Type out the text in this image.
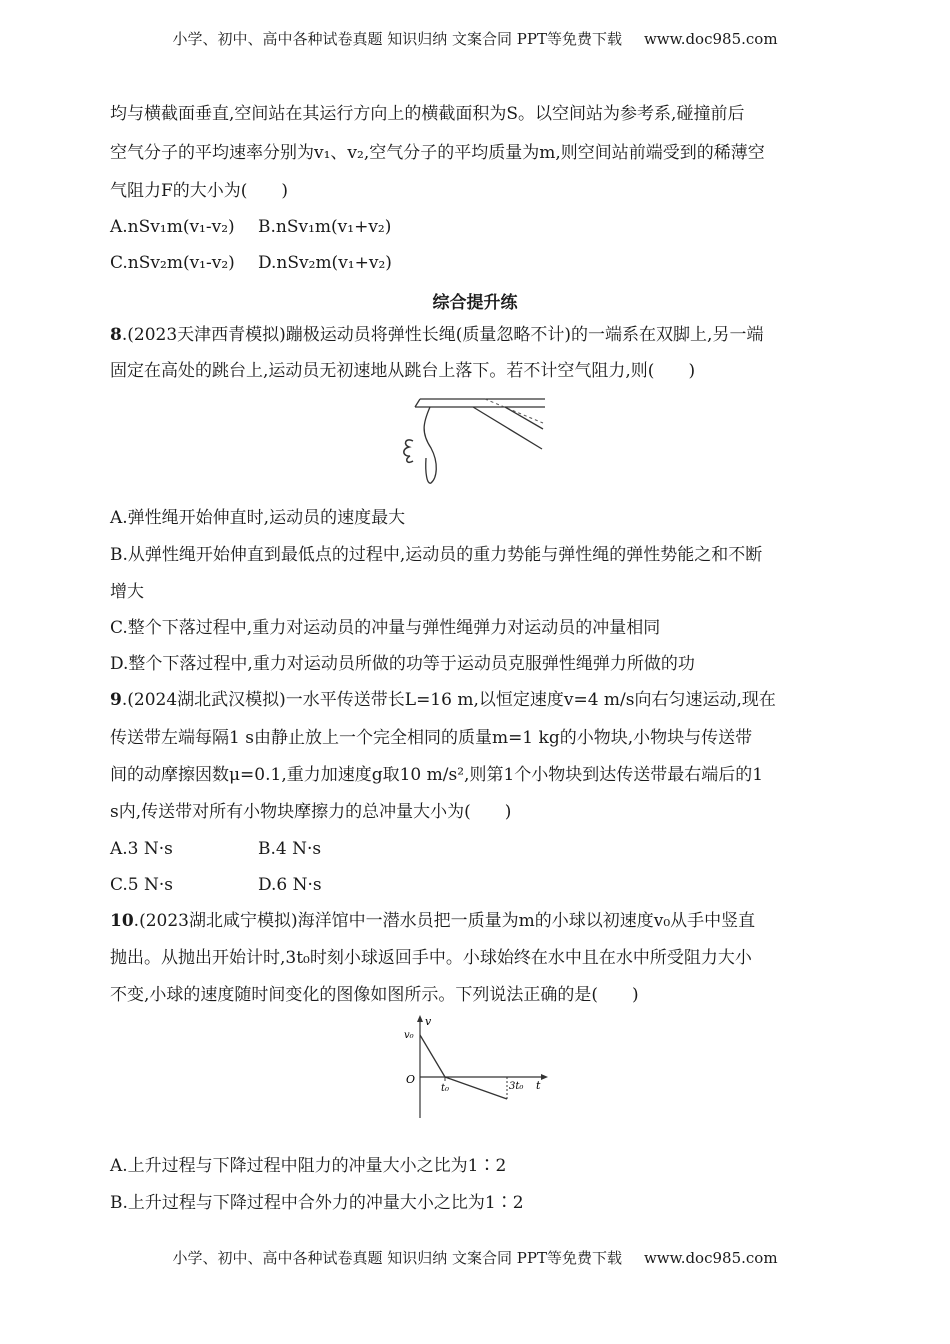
小学、初中、高中各种试卷真题 知识归纳 文案合同 PPT等免费下载 www.doc985.com
均与横截面垂直,空间站在其运行方向上的横截面积为S。以空间站为参考系,碰撞前后
空气分子的平均速率分别为v₁、v₂,空气分子的平均质量为m,则空间站前端受到的稀薄空
气阻力F的大小为(　　)
A.nSv₁m(v₁-v₂) B.nSv₁m(v₁+v₂)
C.nSv₂m(v₁-v₂) D.nSv₂m(v₁+v₂)
综合提升练
8.(2023天津西青模拟)蹦极运动员将弹性长绳(质量忽略不计)的一端系在双脚上,另一端
固定在高处的跳台上,运动员无初速地从跳台上落下。若不计空气阻力,则(　　)
A.弹性绳开始伸直时,运动员的速度最大
B.从弹性绳开始伸直到最低点的过程中,运动员的重力势能与弹性绳的弹性势能之和不断
增大
C.整个下落过程中,重力对运动员的冲量与弹性绳弹力对运动员的冲量相同
D.整个下落过程中,重力对运动员所做的功等于运动员克服弹性绳弹力所做的功
9.(2024湖北武汉模拟)一水平传送带长L=16 m,以恒定速度v=4 m/s向右匀速运动,现在
传送带左端每隔1 s由静止放上一个完全相同的质量m=1 kg的小物块,小物块与传送带
间的动摩擦因数μ=0.1,重力加速度g取10 m/s²,则第1个小物块到达传送带最右端后的1
s内,传送带对所有小物块摩擦力的总冲量大小为(　　)
A.3 N·s	B.4 N·s
C.5 N·s	D.6 N·s
10.(2023湖北咸宁模拟)海洋馆中一潜水员把一质量为m的小球以初速度v₀从手中竖直
抛出。从抛出开始计时,3t₀时刻小球返回手中。小球始终在水中且在水中所受阻力大小
不变,小球的速度随时间变化的图像如图所示。下列说法正确的是(　　)
v
v₀
O
t₀	3t₀ t
A.上升过程与下降过程中阻力的冲量大小之比为1∶2
B.上升过程与下降过程中合外力的冲量大小之比为1∶2
小学、初中、高中各种试卷真题 知识归纳 文案合同 PPT等免费下载 www.doc985.com
